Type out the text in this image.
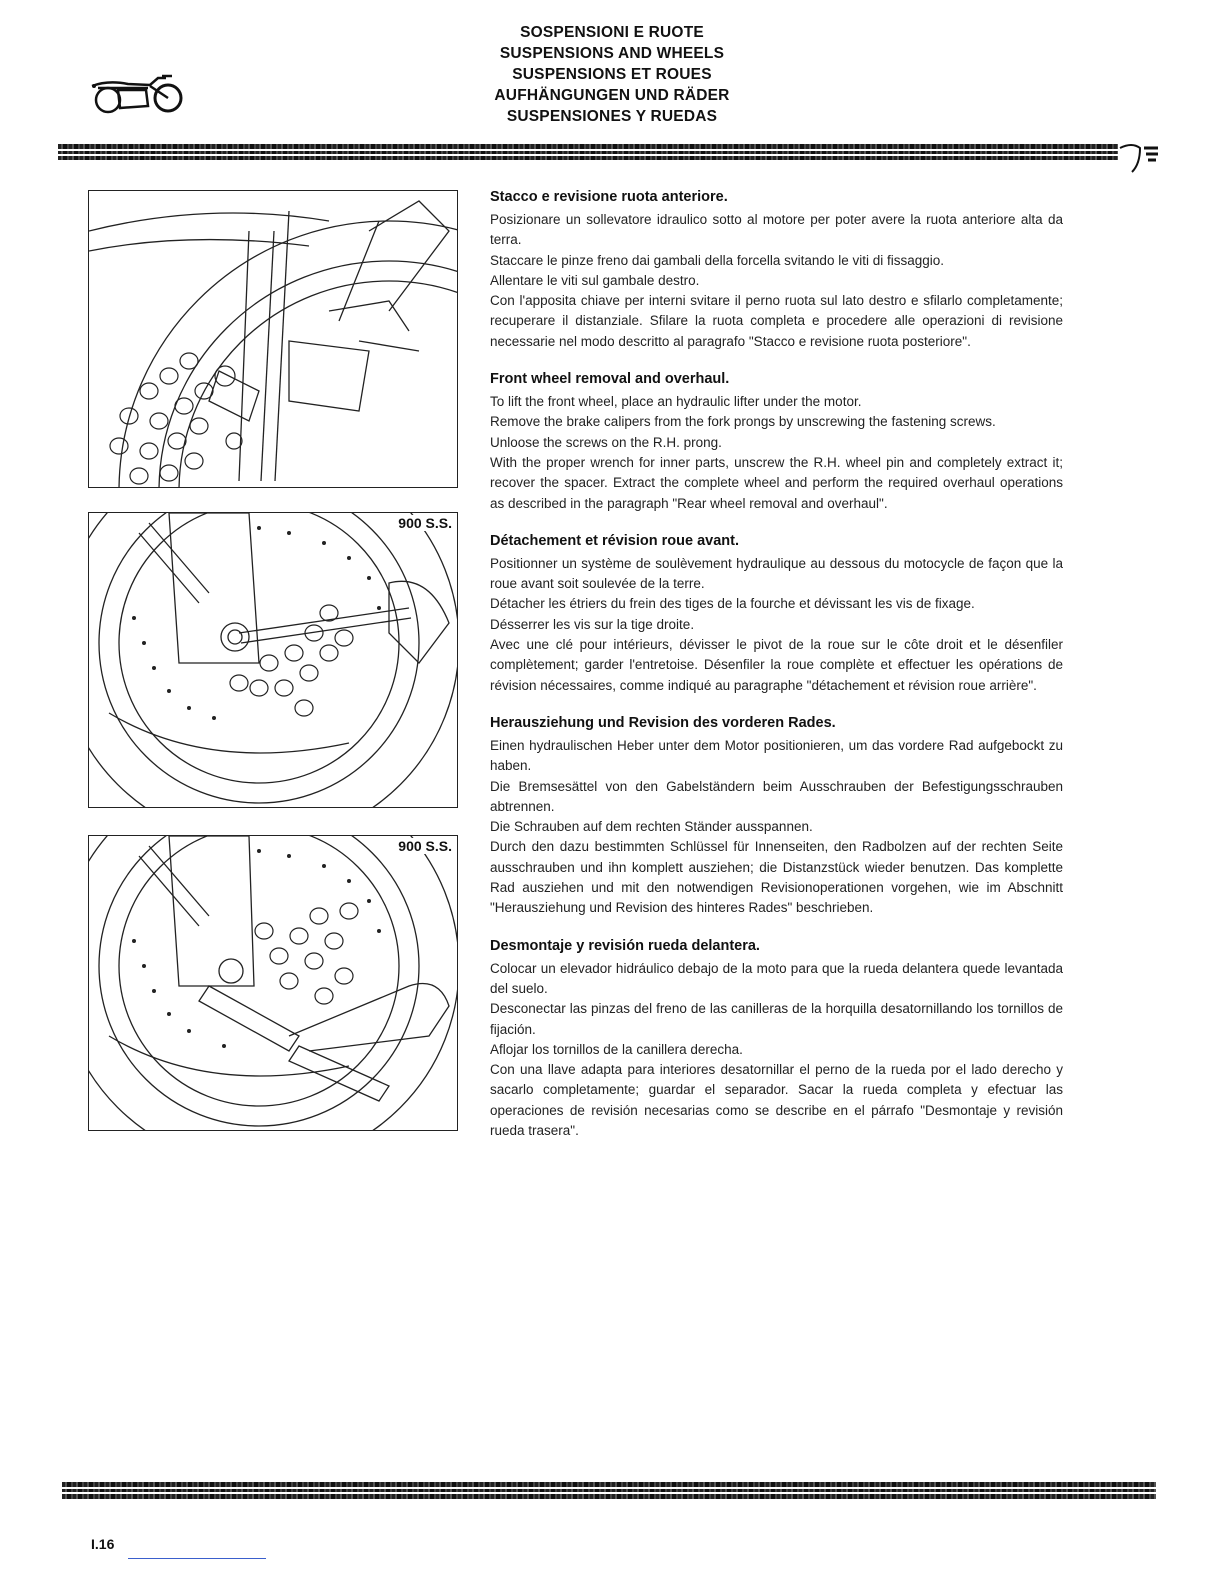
SOSPENSIONI E RUOTE
SUSPENSIONS AND WHEELS
SUSPENSIONS ET ROUES
AUFHÄNGUNGEN UND RÄDER
SUSPENSIONES Y RUEDAS
900 S.S.
900 S.S.
Stacco e revisione ruota anteriore.

Posizionare un sollevatore idraulico sotto al motore per poter avere la ruota anteriore alta da terra.

Staccare le pinze freno dai gambali della forcella svitando le viti di fissaggio.

Allentare le viti sul gambale destro.

Con l'apposita chiave per interni svitare il perno ruota sul lato destro e sfilarlo completamente; recuperare il distanziale. Sfilare la ruota completa e procedere alle operazioni di revisione necessarie nel modo descritto al paragrafo "Stacco e revisione ruota posteriore".

Front wheel removal and overhaul.

To lift the front wheel, place an hydraulic lifter under the motor.

Remove the brake calipers from the fork prongs by unscrewing the fastening screws.

Unloose the screws on the R.H. prong.

With the proper wrench for inner parts, unscrew the R.H. wheel pin and completely extract it; recover the spacer. Extract the complete wheel and perform the required overhaul operations as described in the paragraph "Rear wheel removal and overhaul".

Détachement et révision roue avant.

Positionner un système de soulèvement hydraulique au dessous du motocycle de façon que la roue avant soit soulevée de la terre.

Détacher les étriers du frein des tiges de la fourche et dévissant les vis de fixage.

Désserrer les vis sur la tige droite.

Avec une clé pour intérieurs, dévisser le pivot de la roue sur le côte droit et le désenfiler complètement; garder l'entretoise. Désenfiler la roue complète et effectuer les opérations de révision nécessaires, comme indiqué au paragraphe "détachement et révision roue arrière".

Herausziehung und Revision des vorderen Rades.

Einen hydraulischen Heber unter dem Motor positionieren, um das vordere Rad aufgebockt zu haben.

Die Bremsesättel von den Gabelständern beim Ausschrauben der Befestigungsschrauben abtrennen.

Die Schrauben auf dem rechten Ständer ausspannen.

Durch den dazu bestimmten Schlüssel für Innenseiten, den Radbolzen auf der rechten Seite ausschrauben und ihn komplett ausziehen; die Distanzstück wieder benutzen. Das komplette Rad ausziehen und mit den notwendigen Revisionoperationen vorgehen, wie im Abschnitt "Herausziehung und Revision des hinteres Rades" beschrieben.

Desmontaje y revisión rueda delantera.

Colocar un elevador hidráulico debajo de la moto para que la rueda delantera quede levantada del suelo.

Desconectar las pinzas del freno de las canilleras de la horquilla desatornillando los tornillos de fijación.

Aflojar los tornillos de la canillera derecha.

Con una llave adapta para interiores desatornillar el perno de la rueda por el lado derecho y sacarlo completamente; guardar el separador. Sacar la rueda completa y efectuar las operaciones de revisión necesarias como se describe en el párrafo "Desmontaje y revisión rueda trasera".

I.16
